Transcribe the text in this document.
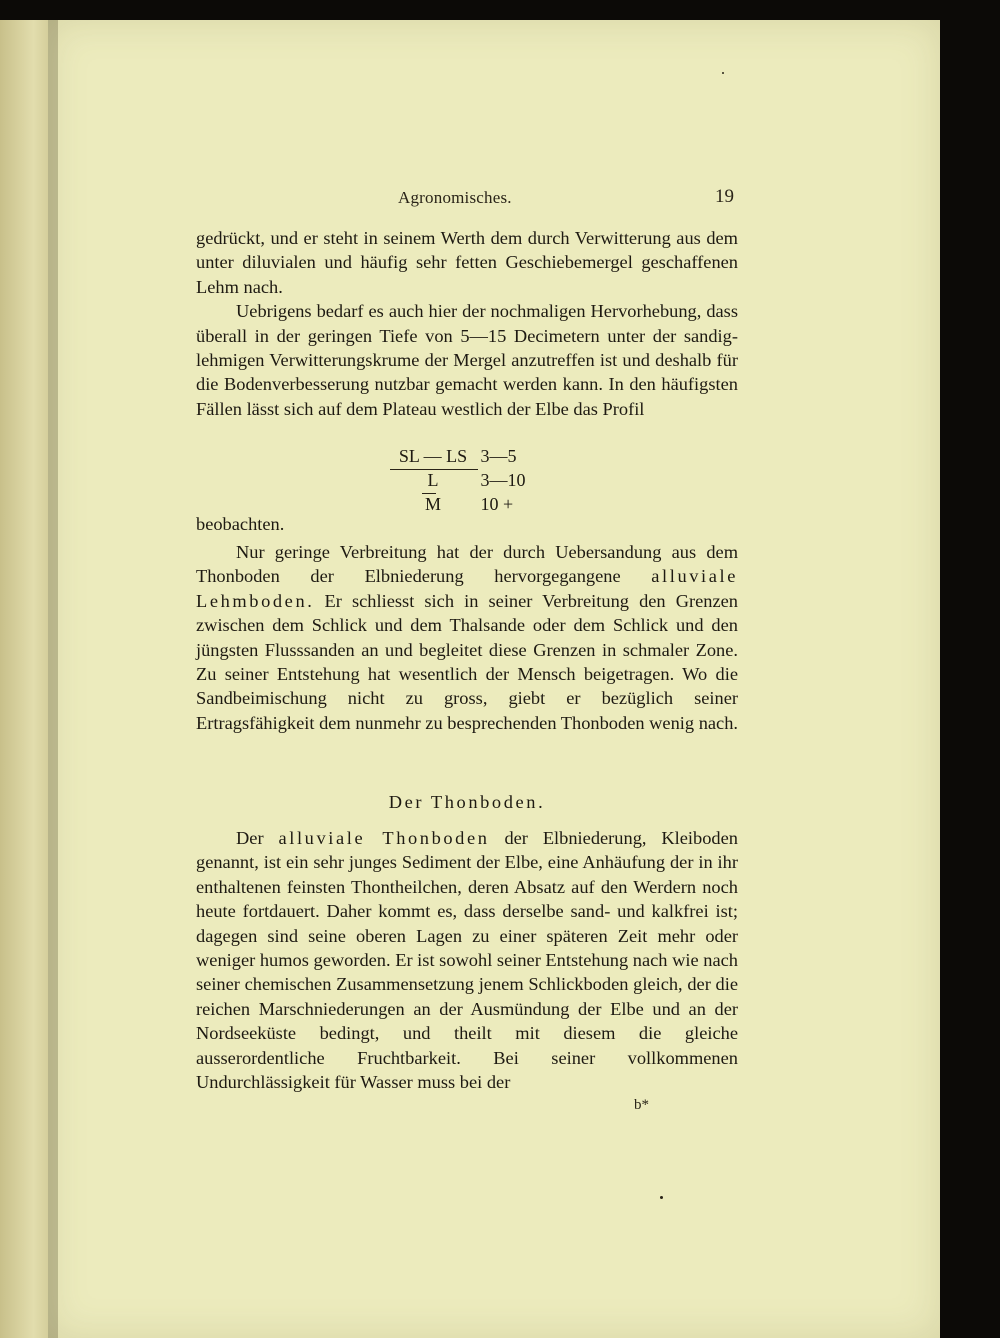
Agronomisches.	19

gedrückt, und er steht in seinem Werth dem durch Verwitterung aus dem unter diluvialen und häufig sehr fetten Geschiebemergel geschaffenen Lehm nach.

Uebrigens bedarf es auch hier der nochmaligen Hervorhebung, dass überall in der geringen Tiefe von 5—15 Decimetern unter der sandig-lehmigen Verwitterungskrume der Mergel anzutreffen ist und deshalb für die Bodenverbesserung nutzbar gemacht werden kann. In den häufigsten Fällen lässt sich auf dem Plateau westlich der Elbe das Profil

SL — LS 3—5
L 3—10
M 10 +

beobachten.

Nur geringe Verbreitung hat der durch Uebersandung aus dem Thonboden der Elbniederung hervorgegangene alluviale Lehmboden. Er schliesst sich in seiner Verbreitung den Grenzen zwischen dem Schlick und dem Thalsande oder dem Schlick und den jüngsten Flusssanden an und begleitet diese Grenzen in schmaler Zone. Zu seiner Entstehung hat wesentlich der Mensch beigetragen. Wo die Sandbeimischung nicht zu gross, giebt er bezüglich seiner Ertragsfähigkeit dem nunmehr zu besprechenden Thonboden wenig nach.

Der Thonboden.

Der alluviale Thonboden der Elbniederung, Kleiboden genannt, ist ein sehr junges Sediment der Elbe, eine Anhäufung der in ihr enthaltenen feinsten Thontheilchen, deren Absatz auf den Werdern noch heute fortdauert. Daher kommt es, dass derselbe sand- und kalkfrei ist; dagegen sind seine oberen Lagen zu einer späteren Zeit mehr oder weniger humos geworden. Er ist sowohl seiner Entstehung nach wie nach seiner chemischen Zusammensetzung jenem Schlickboden gleich, der die reichen Marschniederungen an der Ausmündung der Elbe und an der Nordseeküste bedingt, und theilt mit diesem die gleiche ausserordentliche Fruchtbarkeit. Bei seiner vollkommenen Undurchlässigkeit für Wasser muss bei der

b*
